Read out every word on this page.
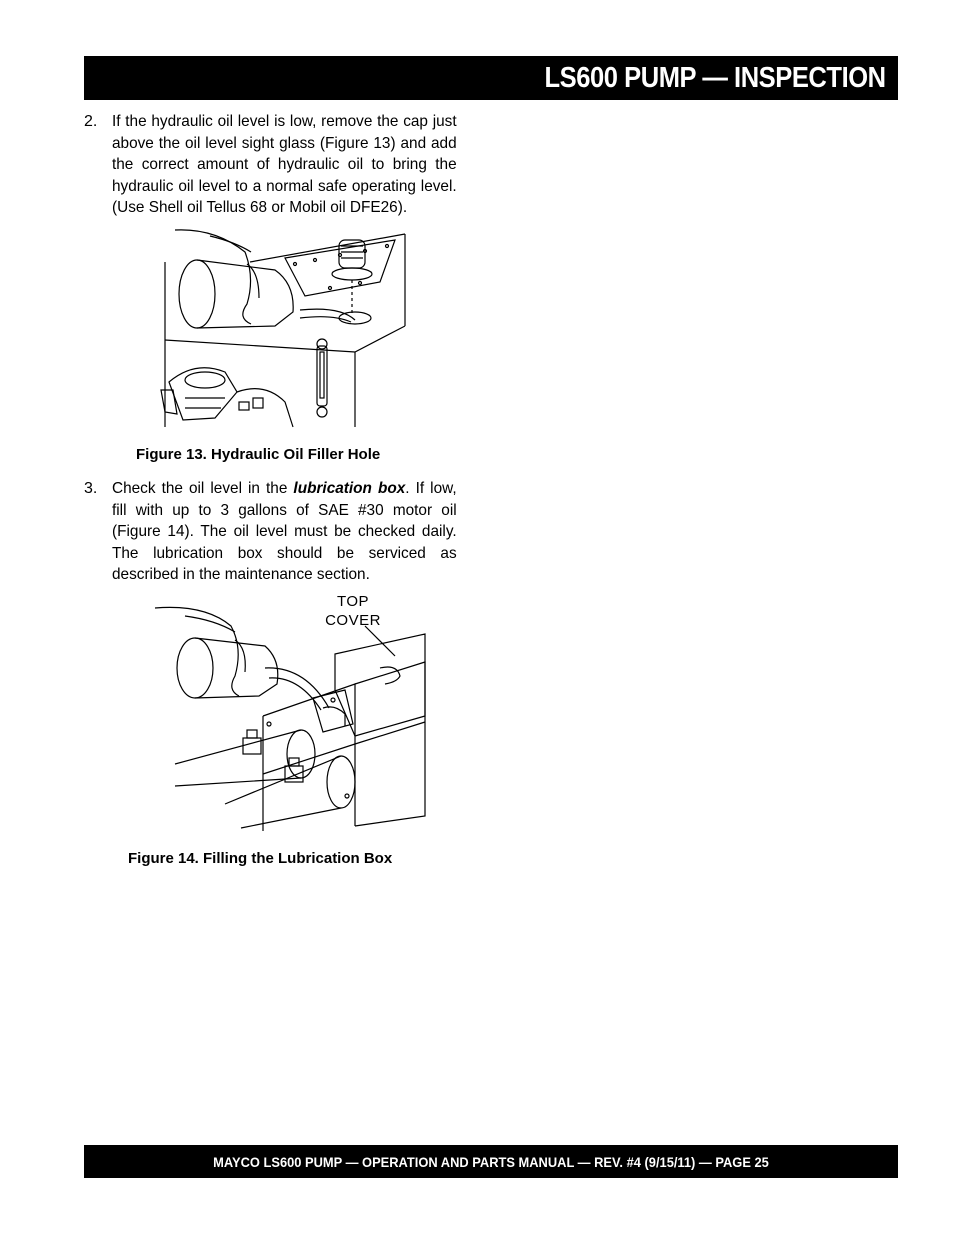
LS600 PUMP — INSPECTION
2. If the hydraulic oil level is low, remove the cap just above the oil level sight glass (Figure 13) and add the correct amount of hydraulic oil to bring the hydraulic oil level to a normal safe operating level. (Use Shell oil Tellus 68 or Mobil oil DFE26).
Figure 13. Hydraulic Oil Filler Hole
3. Check the oil level in the lubrication box. If low, fill with up to 3 gallons of SAE #30 motor oil (Figure 14). The oil level must be checked daily. The lubrication box should be serviced as described in the maintenance section.
TOP
COVER
Figure 14. Filling the Lubrication Box
MAYCO LS600 PUMP — OPERATION AND PARTS MANUAL — REV. #4 (9/15/11) — PAGE 25
